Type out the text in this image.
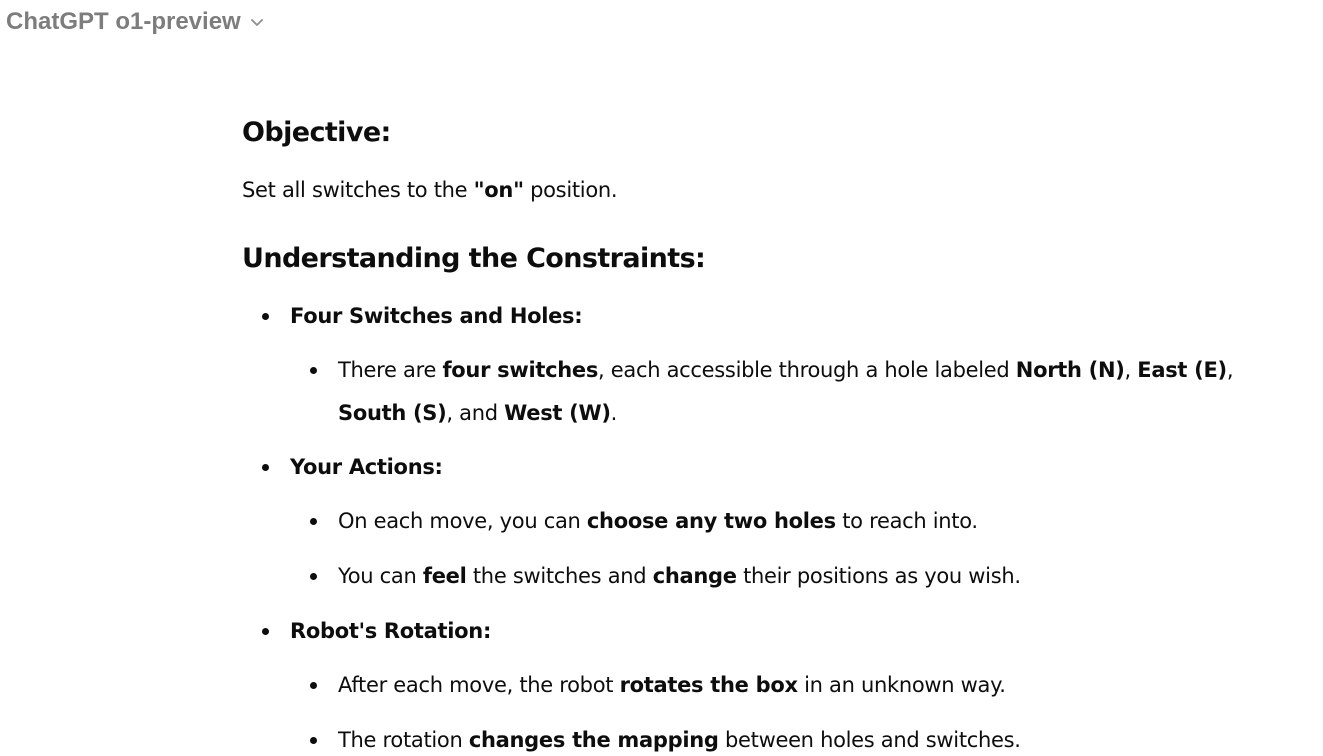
ChatGPT o1-preview
Objective:

Set all switches to the "on" position.

Understanding the Constraints:
Four Switches and Holes:
There are four switches, each accessible through a hole labeled North (N), East (E), South (S), and West (W).
Your Actions:
On each move, you can choose any two holes to reach into.
You can feel the switches and change their positions as you wish.
Robot's Rotation:
After each move, the robot rotates the box in an unknown way.
The rotation changes the mapping between holes and switches.
